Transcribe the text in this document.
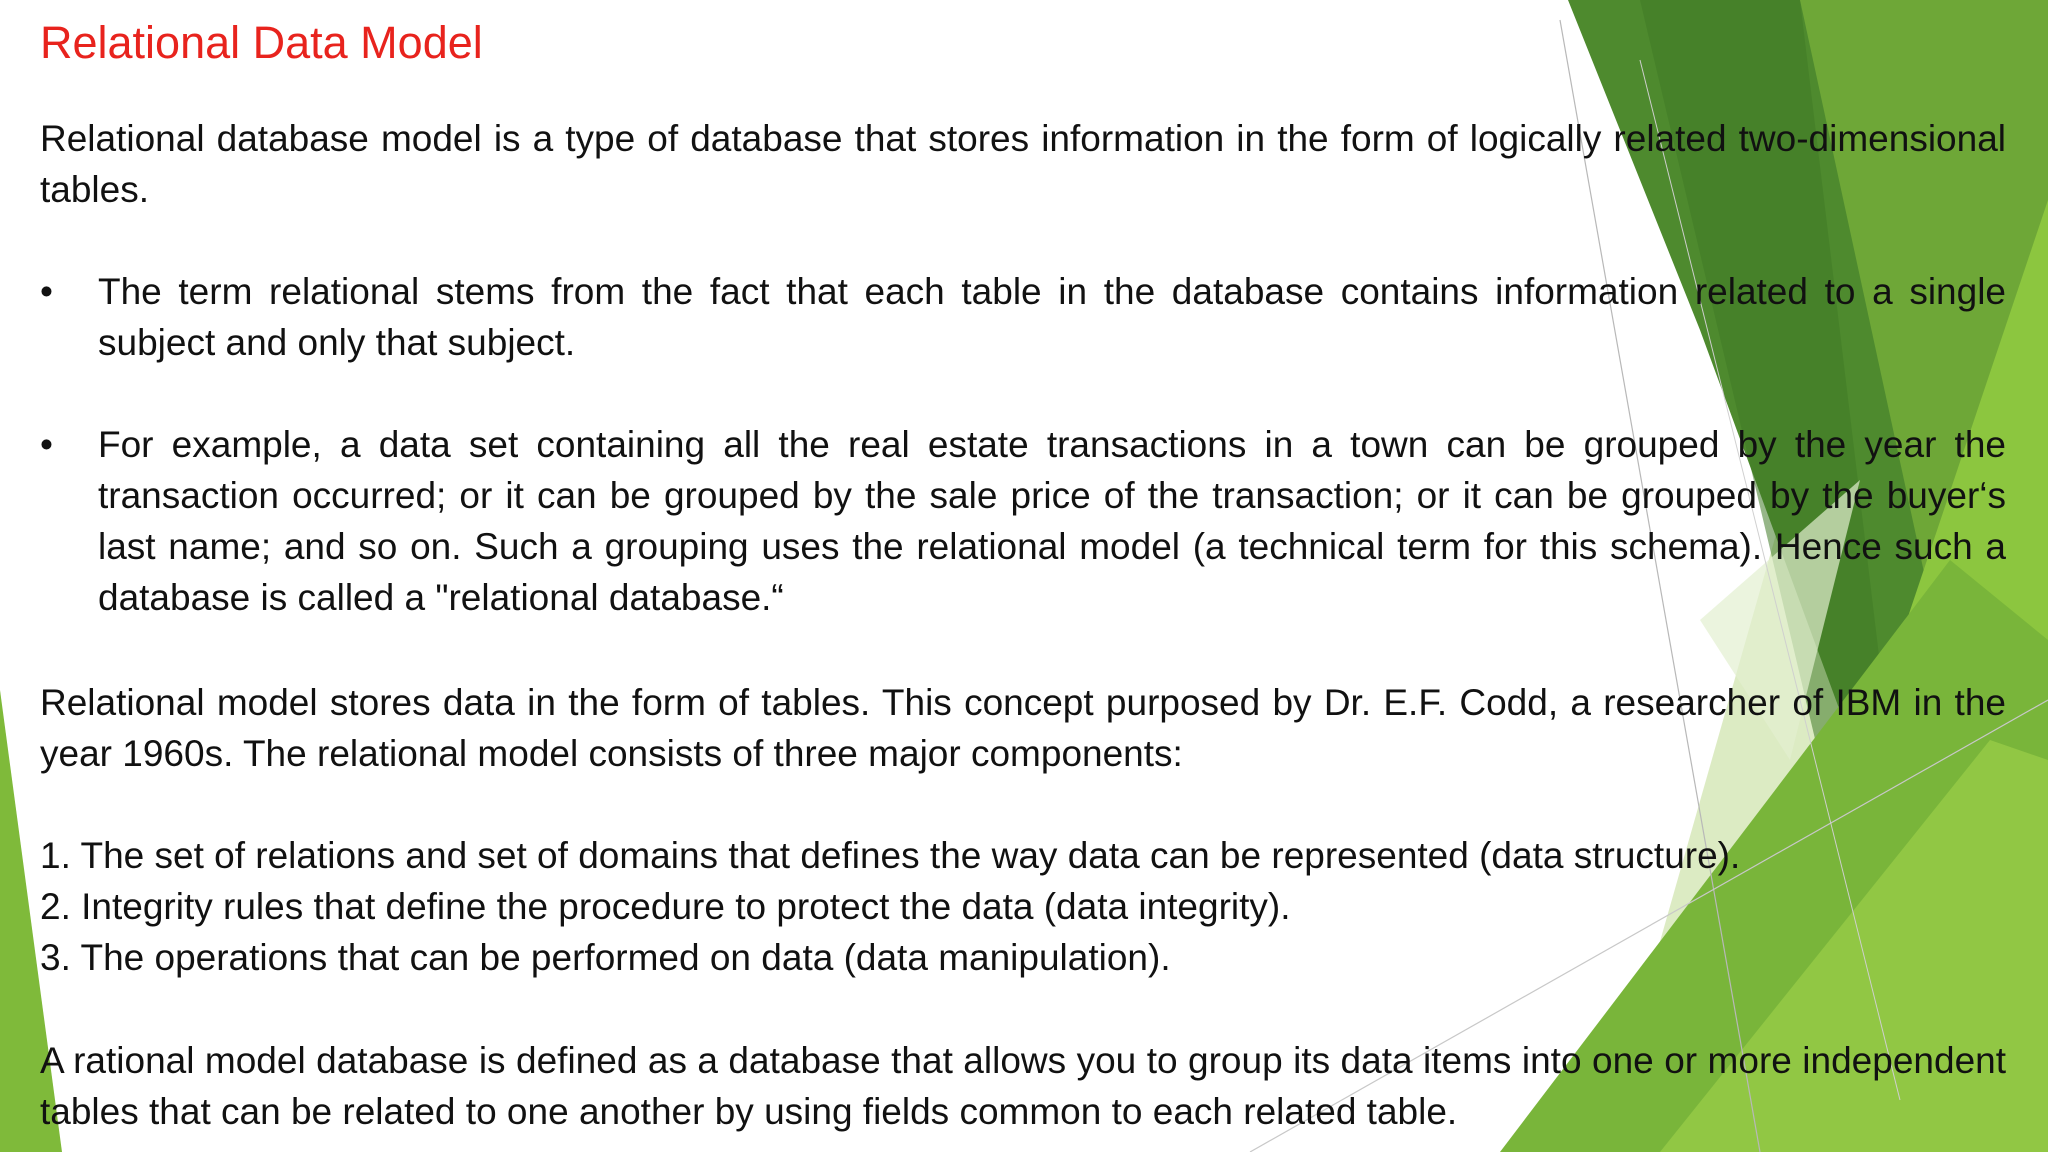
Relational Data Model

Relational database model is a type of database that stores information in the form of logically related two-dimensional tables.

• The term relational stems from the fact that each table in the database contains information related to a single subject and only that subject.
• For example, a data set containing all the real estate transactions in a town can be grouped by the year the transaction occurred; or it can be grouped by the sale price of the transaction; or it can be grouped by the buyer‘s last name; and so on. Such a grouping uses the relational model (a technical term for this schema). Hence such a database is called a "relational database.“

Relational model stores data in the form of tables. This concept purposed by Dr. E.F. Codd, a researcher of IBM in the year 1960s. The relational model consists of three major components:

1. The set of relations and set of domains that defines the way data can be represented (data structure).
2. Integrity rules that define the procedure to protect the data (data integrity).
3. The operations that can be performed on data (data manipulation).

A rational model database is defined as a database that allows you to group its data items into one or more independent tables that can be related to one another by using fields common to each related table.
